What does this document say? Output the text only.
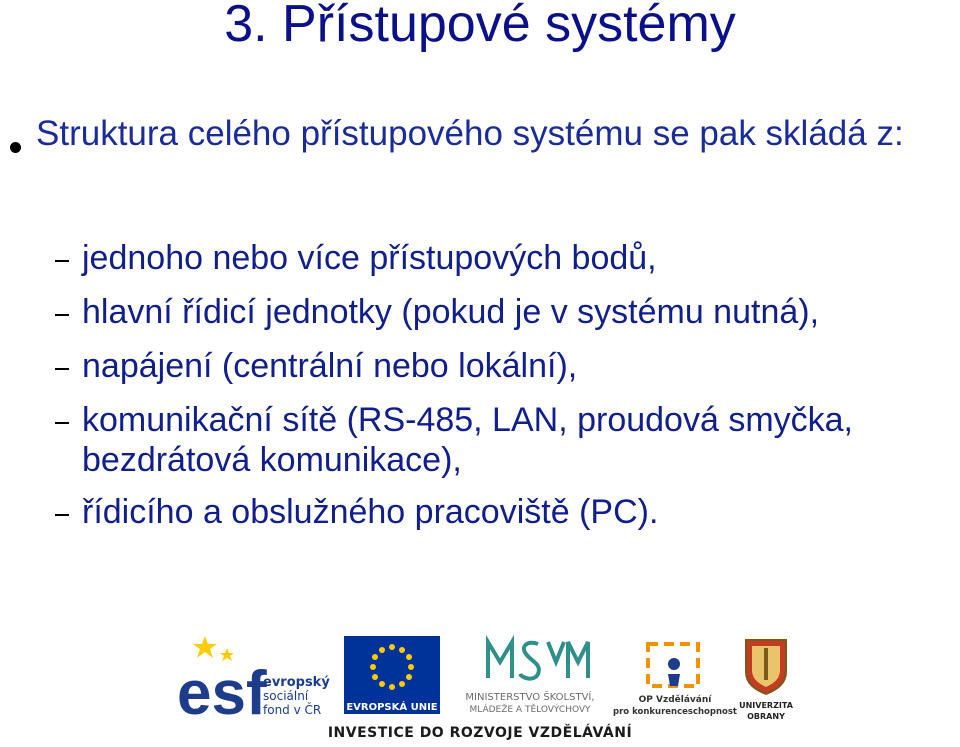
3. Přístupové systémy
Struktura celého přístupového systému se pak skládá z:
jednoho nebo více přístupových bodů,
hlavní řídicí jednotky (pokud je v systému nutná),
napájení (centrální nebo lokální),
komunikační sítě (RS-485, LAN, proudová smyčka, bezdrátová komunikace),
řídicího a obslužného pracoviště (PC).
esf
evropský
sociální
fond v ČR	EVROPSKÁ UNIE
MINISTERSTVO ŠKOLSTVÍ,
MLÁDEŽE A TĚLOVÝCHOVY
OP Vzdělávání
pro konkurenceschopnost
UNIVERZITA
OBRANY
INVESTICE DO ROZVOJE VZDĚLÁVÁNÍ
